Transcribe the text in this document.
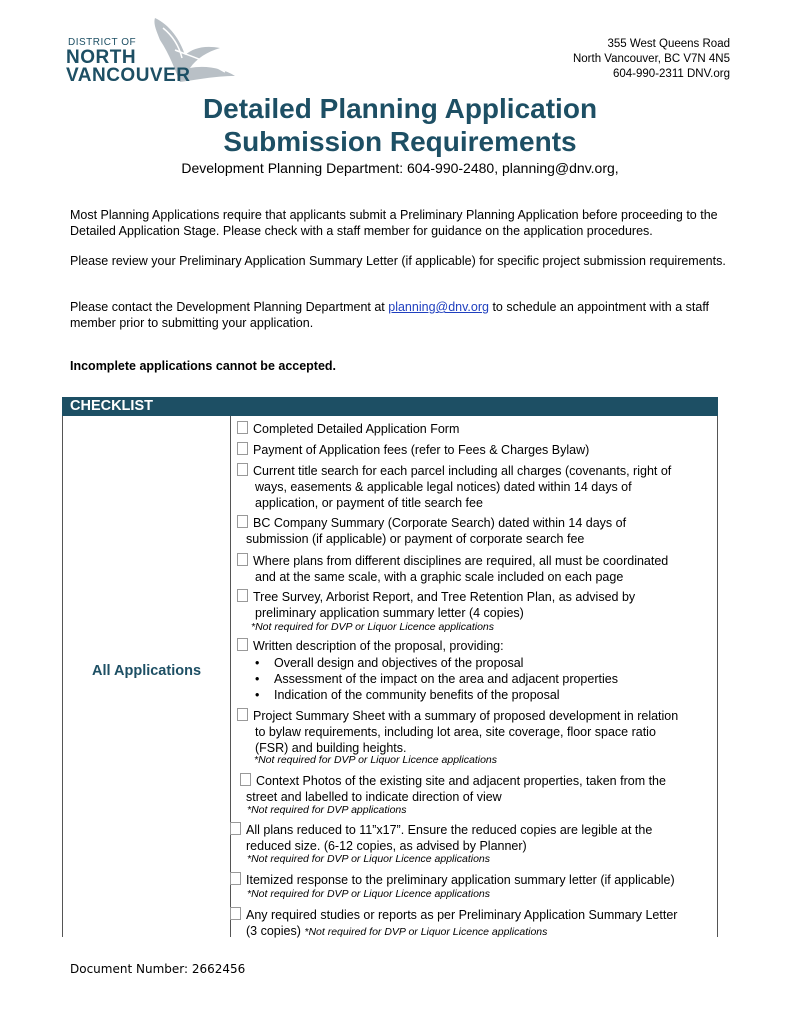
DISTRICT OF
NORTH
VANCOUVER
355 West Queens Road
North Vancouver, BC V7N 4N5
604-990-2311 DNV.org
Detailed Planning Application
Submission Requirements
Development Planning Department: 604-990-2480, planning@dnv.org,
Most Planning Applications require that applicants submit a Preliminary Planning Application before proceeding to the Detailed Application Stage. Please check with a staff member for guidance on the application procedures.
Please review your Preliminary Application Summary Letter (if applicable) for specific project submission requirements.
Please contact the Development Planning Department at planning@dnv.org to schedule an appointment with a staff member prior to submitting your application.
Incomplete applications cannot be accepted.
CHECKLIST
All Applications
Completed Detailed Application Form
Payment of Application fees (refer to Fees & Charges Bylaw)
Current title search for each parcel including all charges (covenants, right of
ways, easements & applicable legal notices) dated within 14 days of
application, or payment of title search fee
BC Company Summary (Corporate Search) dated within 14 days of
submission (if applicable) or payment of corporate search fee
Where plans from different disciplines are required, all must be coordinated
and at the same scale, with a graphic scale included on each page
Tree Survey, Arborist Report, and Tree Retention Plan, as advised by
preliminary application summary letter (4 copies)
*Not required for DVP or Liquor Licence applications
Written description of the proposal, providing:
• Overall design and objectives of the proposal
• Assessment of the impact on the area and adjacent properties
• Indication of the community benefits of the proposal
Project Summary Sheet with a summary of proposed development in relation
to bylaw requirements, including lot area, site coverage, floor space ratio
(FSR) and building heights.
*Not required for DVP or Liquor Licence applications
Context Photos of the existing site and adjacent properties, taken from the
street and labelled to indicate direction of view
*Not required for DVP applications
All plans reduced to 11”x17”. Ensure the reduced copies are legible at the
reduced size. (6-12 copies, as advised by Planner)
*Not required for DVP or Liquor Licence applications
Itemized response to the preliminary application summary letter (if applicable)
*Not required for DVP or Liquor Licence applications
Any required studies or reports as per Preliminary Application Summary Letter
(3 copies) *Not required for DVP or Liquor Licence applications
Document Number: 2662456
